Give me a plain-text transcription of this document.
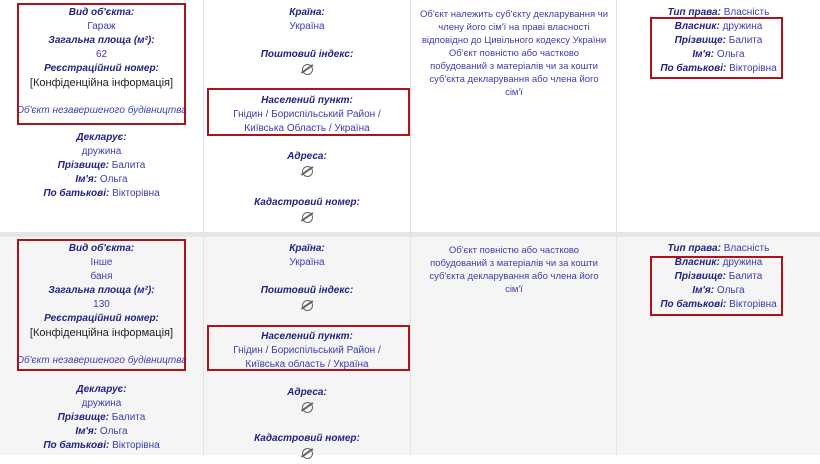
Вид об'єкта:
Гараж
Загальна площа (м²):
62
Реєстраційний номер:
[Конфіденційна інформація]
Об'єкт незавершеного будівництва
Декларує:
дружина
Прізвище: Балита
Ім'я: Ольга
По батькові: Вікторівна
Країна:
Україна
Поштовий індекс:
Населений пункт:
Гнідин / Бориспільський Район / Київська Область / Україна
Адреса:
Кадастровий номер:
Об'єкт належить суб'єкту декларування чи члену його сім'ї на праві власності відповідно до Цивільного кодексу України Об'єкт повністю або частково побудований з матеріалів чи за кошти суб'єкта декларування або члена його сім'ї
Тип права: Власність
Власник: дружина
Прізвище: Балита
Ім'я: Ольга
По батькові: Вікторівна
Вид об'єкта:
Інше
баня
Загальна площа (м²):
130
Реєстраційний номер:
[Конфіденційна інформація]
Об'єкт незавершеного будівництва
Декларує:
дружина
Прізвище: Балита
Ім'я: Ольга
По батькові: Вікторівна
Країна:
Україна
Поштовий індекс:
Населений пункт:
Гнідин / Бориспільський Район / Київська область / Україна
Адреса:
Кадастровий номер:
Об'єкт повністю або частково побудований з матеріалів чи за кошти суб'єкта декларування або члена його сім'ї
Тип права: Власність
Власник: дружина
Прізвище: Балита
Ім'я: Ольга
По батькові: Вікторівна
